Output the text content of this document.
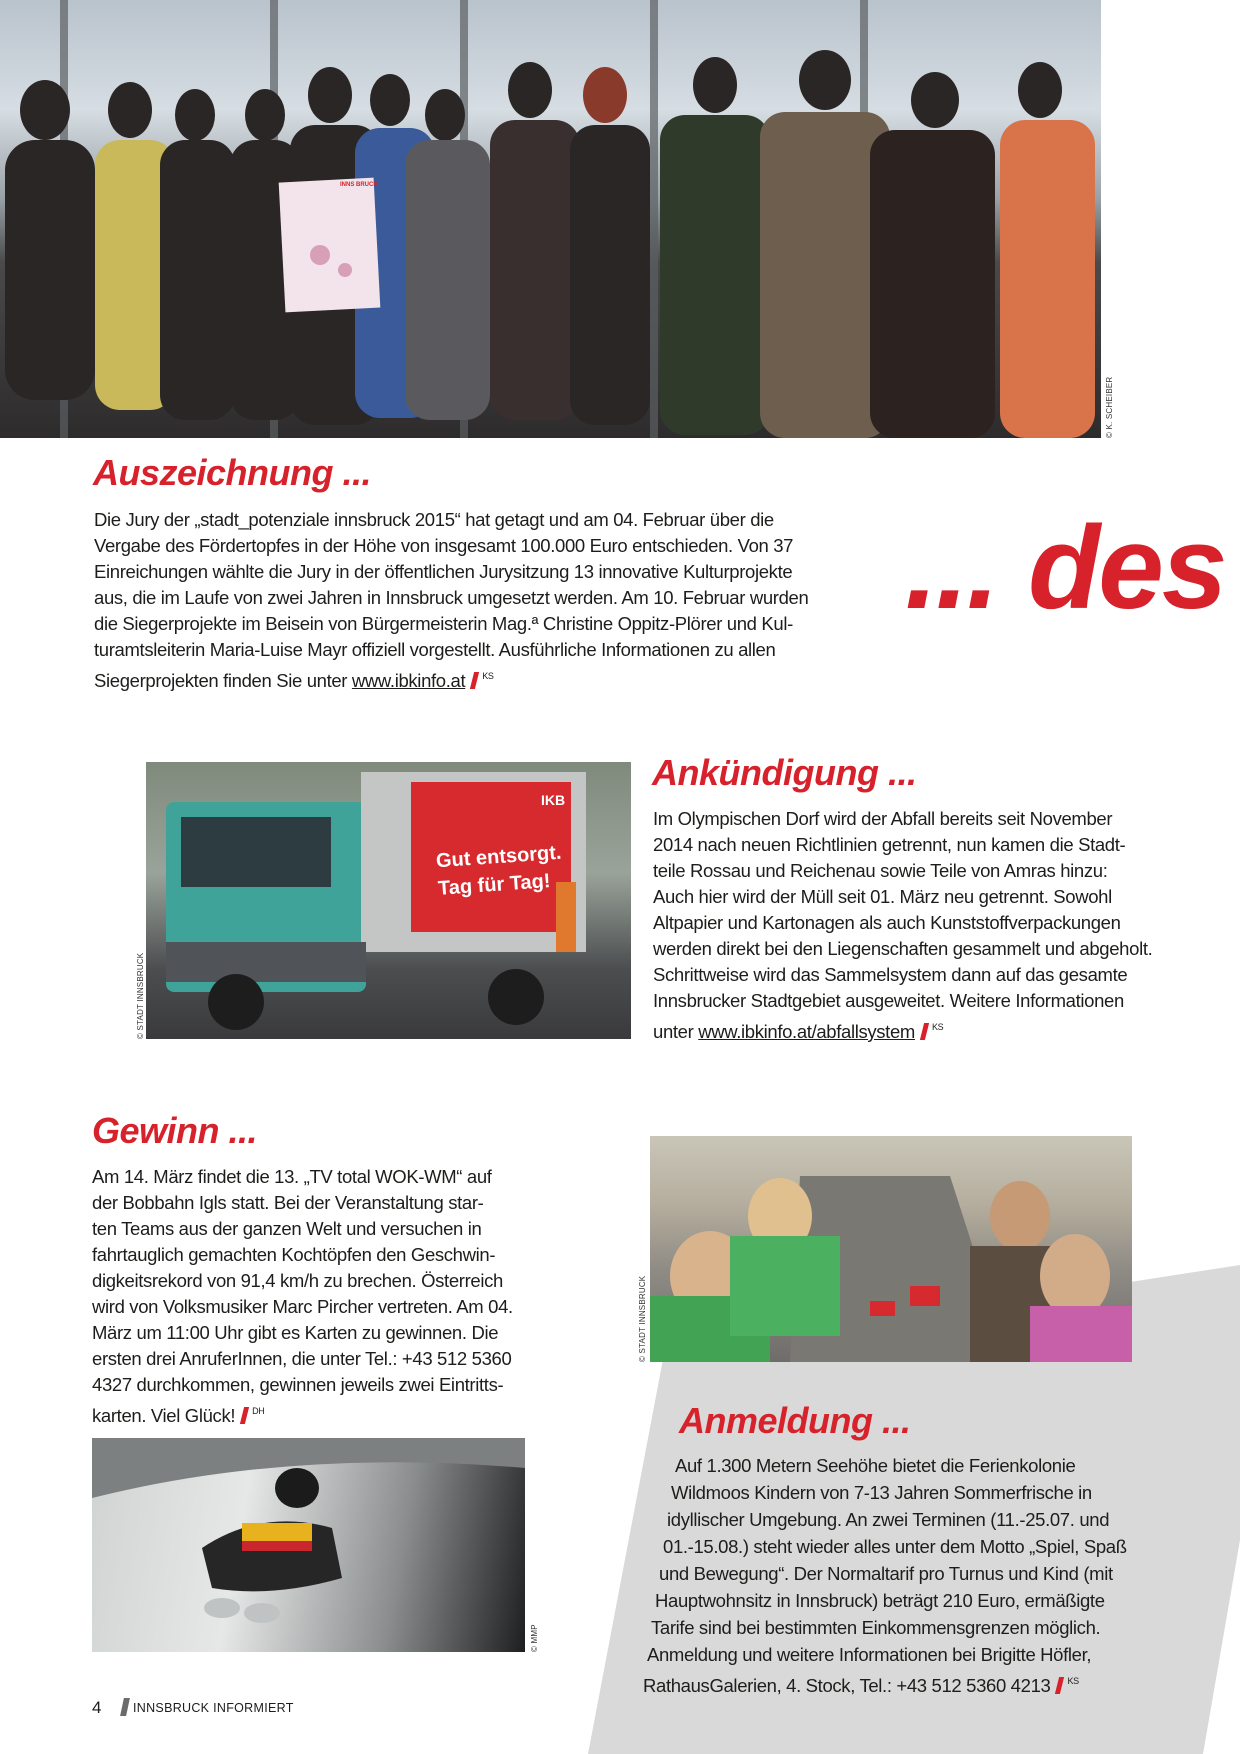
INNS BRUCK
© K. SCHEIBER
Auszeichnung ...
Die Jury der „stadt_potenziale innsbruck 2015“ hat getagt und am 04. Februar über die
Vergabe des Fördertopfes in der Höhe von insgesamt 100.000 Euro entschieden. Von 37
Einreichungen wählte die Jury in der öffentlichen Jurysitzung 13 innovative Kulturprojekte
aus, die im Laufe von zwei Jahren in Innsbruck umgesetzt werden. Am 10. Februar wurden
die Siegerprojekte im Beisein von Bürgermeisterin Mag.ª Christine Oppitz-Plörer und Kul-
turamtsleiterin Maria-Luise Mayr offiziell vorgestellt. Ausführliche Informationen zu allen
Siegerprojekten finden Sie unter www.ibkinfo.at $^{KS}$
... des
IKB
Gut entsorgt.
Tag für Tag!
© STADT INNSBRUCK
Ankündigung ...
Im Olympischen Dorf wird der Abfall bereits seit November
2014 nach neuen Richtlinien getrennt, nun kamen die Stadt-
teile Rossau und Reichenau sowie Teile von Amras hinzu:
Auch hier wird der Müll seit 01. März neu getrennt. Sowohl
Altpapier und Kartonagen als auch Kunststoffverpackungen
werden direkt bei den Liegenschaften gesammelt und abgeholt.
Schrittweise wird das Sammelsystem dann auf das gesamte
Innsbrucker Stadtgebiet ausgeweitet. Weitere Informationen
unter www.ibkinfo.at/abfallsystem $^{KS}$
Gewinn ...
Am 14. März findet die 13. „TV total WOK-WM“ auf
der Bobbahn Igls statt. Bei der Veranstaltung star-
ten Teams aus der ganzen Welt und versuchen in
fahrtauglich gemachten Kochtöpfen den Geschwin-
digkeitsrekord von 91,4 km/h zu brechen. Österreich
wird von Volksmusiker Marc Pircher vertreten. Am 04.
März um 11:00 Uhr gibt es Karten zu gewinnen. Die
ersten drei AnruferInnen, die unter Tel.: +43 512 5360
4327 durchkommen, gewinnen jeweils zwei Eintritts-
karten. Viel Glück! $^{DH}$
© STADT INNSBRUCK
Anmeldung ...
Auf 1.300 Metern Seehöhe bietet die Ferienkolonie
Wildmoos Kindern von 7-13 Jahren Sommerfrische in
idyllischer Umgebung. An zwei Terminen (11.-25.07. und
01.-15.08.) steht wieder alles unter dem Motto „Spiel, Spaß
und Bewegung“. Der Normaltarif pro Turnus und Kind (mit
Hauptwohnsitz in Innsbruck) beträgt 210 Euro, ermäßigte
Tarife sind bei bestimmten Einkommensgrenzen möglich.
Anmeldung und weitere Informationen bei Brigitte Höfler,
RathausGalerien, 4. Stock, Tel.: +43 512 5360 4213 $^{KS}$
© MMP
4	INNSBRUCK INFORMIERT
